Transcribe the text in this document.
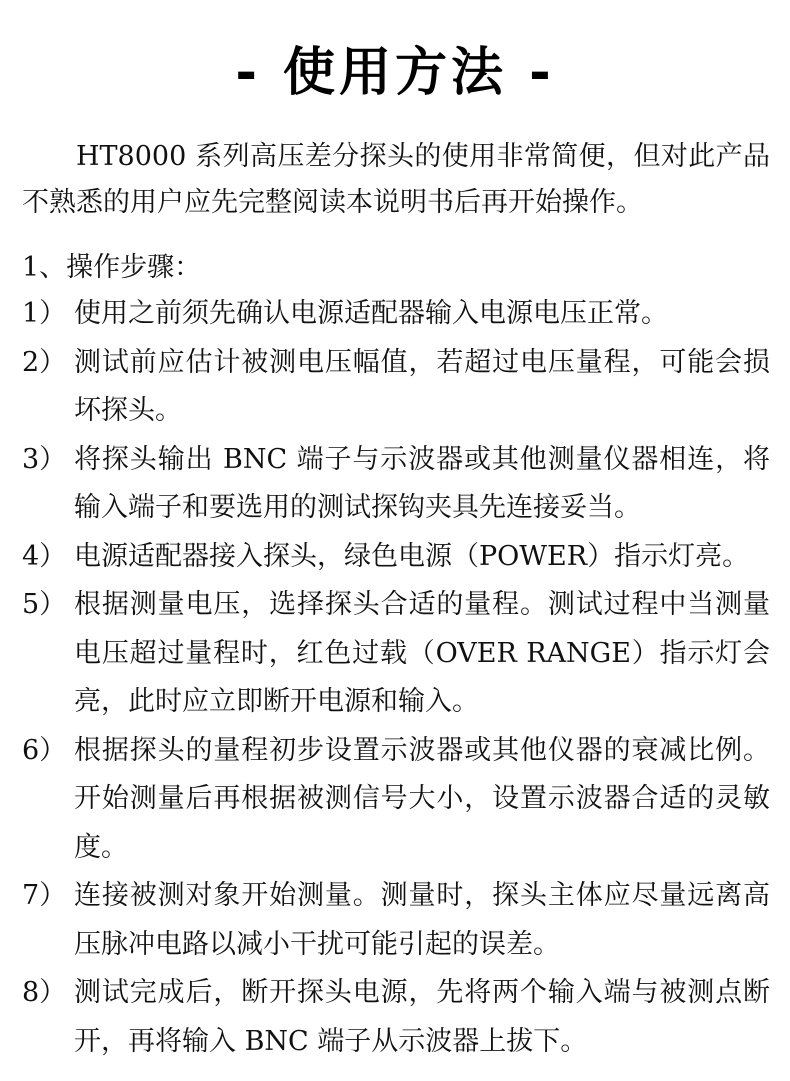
- 使用方法 -

HT8000 系列高压差分探头的使用非常简便，但对此产品不熟悉的用户应先完整阅读本说明书后再开始操作。

1、操作步骤：
1） 使用之前须先确认电源适配器输入电源电压正常。
2） 测试前应估计被测电压幅值，若超过电压量程，可能会损坏探头。
3） 将探头输出 BNC 端子与示波器或其他测量仪器相连，将输入端子和要选用的测试探钩夹具先连接妥当。
4） 电源适配器接入探头，绿色电源（POWER）指示灯亮。
5） 根据测量电压，选择探头合适的量程。测试过程中当测量电压超过量程时，红色过载（OVER RANGE）指示灯会亮，此时应立即断开电源和输入。
6） 根据探头的量程初步设置示波器或其他仪器的衰减比例。开始测量后再根据被测信号大小，设置示波器合适的灵敏度。
7） 连接被测对象开始测量。测量时，探头主体应尽量远离高压脉冲电路以减小干扰可能引起的误差。
8） 测试完成后，断开探头电源，先将两个输入端与被测点断开，再将输入 BNC 端子从示波器上拔下。
